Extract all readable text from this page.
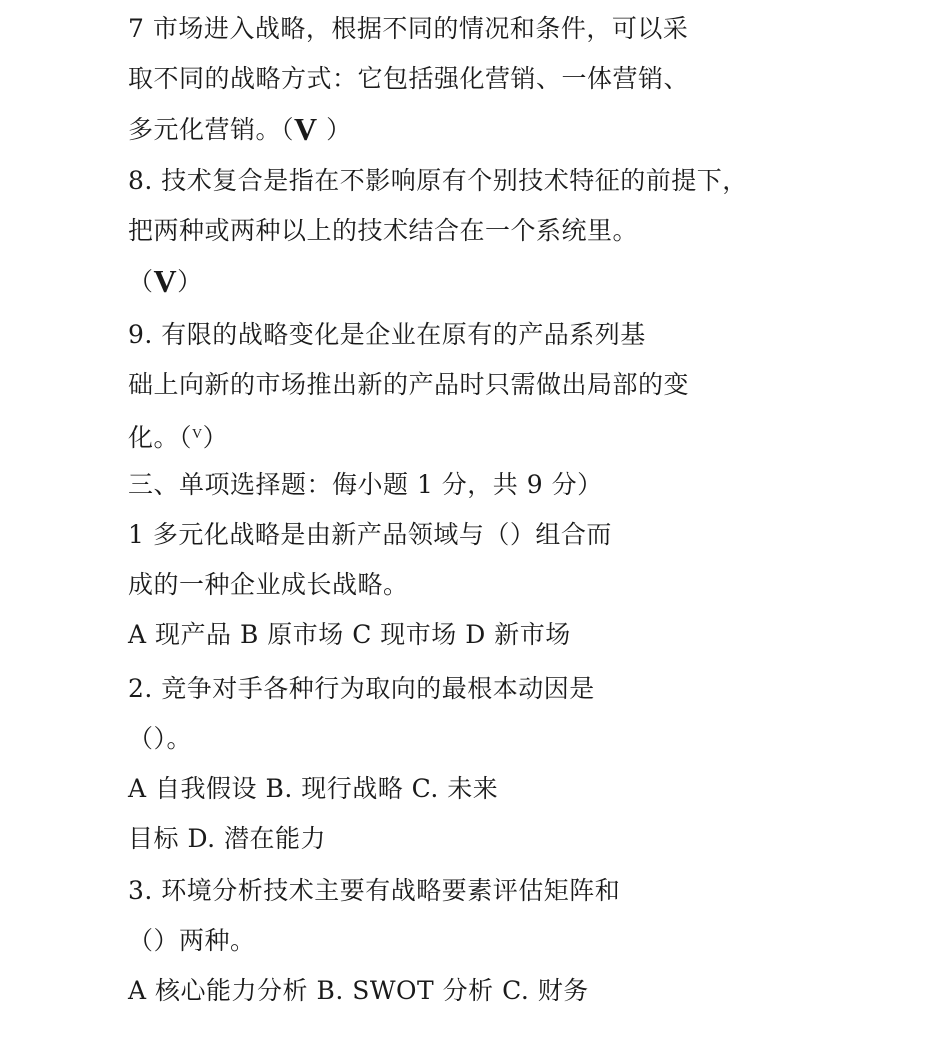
7 市场进入战略，根据不同的情况和条件，可以采
取不同的战略方式：它包括强化营销、一体营销、
多元化营销。（V ）
8. 技术复合是指在不影响原有个别技术特征的前提下，
把两种或两种以上的技术结合在一个系统里。
（V）
9. 有限的战略变化是企业在原有的产品系列基
础上向新的市场推出新的产品时只需做出局部的变
化。（$^V$）
三、单项选择题：侮小题 1 分，共 9 分）
1 多元化战略是由新产品领域与（）组合而
成的一种企业成长战略。
A 现产品 B 原市场 C 现市场 D 新市场
2. 竞争对手各种行为取向的最根本动因是
（）。
A 自我假设 B. 现行战略 C. 未来
目标 D. 潜在能力
3. 环境分析技术主要有战略要素评估矩阵和
（）两种。
A 核心能力分析 B. SWOT 分析 C. 财务
